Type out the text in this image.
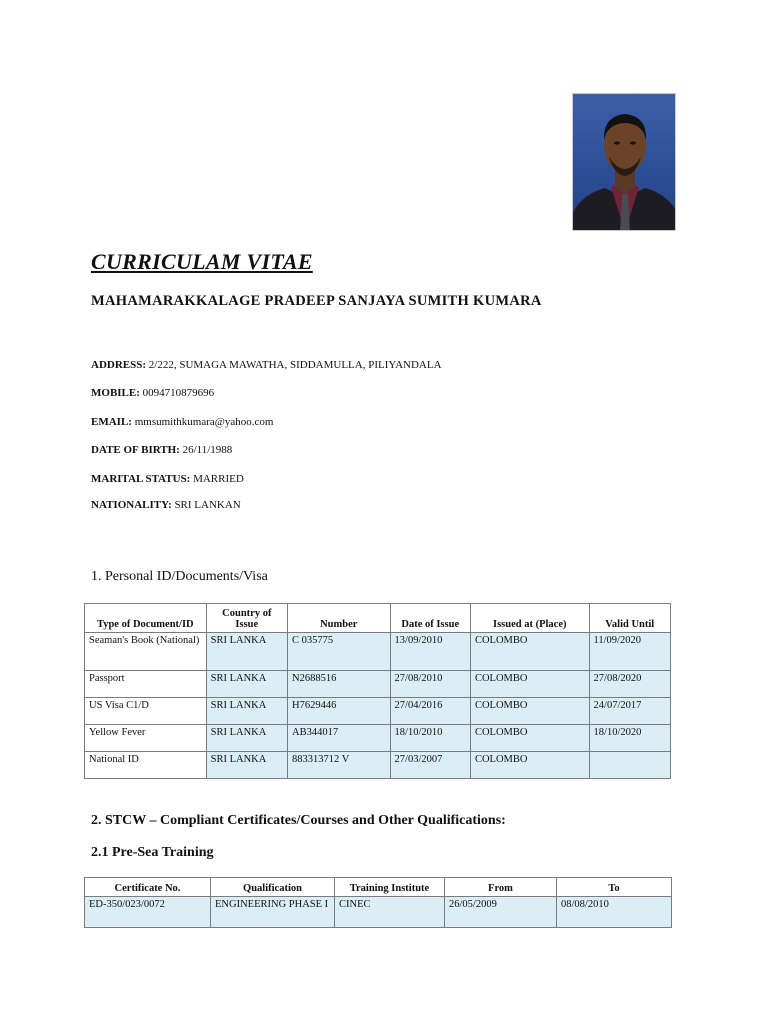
CURRICULAM VITAE
MAHAMARAKKALAGE PRADEEP SANJAYA SUMITH KUMARA
ADDRESS: 2/222, SUMAGA MAWATHA, SIDDAMULLA, PILIYANDALA
MOBILE: 0094710879696
EMAIL: mmsumithkumara@yahoo.com
DATE OF BIRTH: 26/11/1988
MARITAL STATUS: MARRIED
NATIONALITY: SRI LANKAN
1. Personal ID/Documents/Visa
Type of Document/ID	Country of Issue	Number	Date of Issue	Issued at (Place)	Valid Until
Seaman's Book (National)	SRI LANKA	C 035775	13/09/2010	COLOMBO	11/09/2020
Passport	SRI LANKA	N2688516	27/08/2010	COLOMBO	27/08/2020
US Visa C1/D	SRI LANKA	H7629446	27/04/2016	COLOMBO	24/07/2017
Yellow Fever	SRI LANKA	AB344017	18/10/2010	COLOMBO	18/10/2020
National ID	SRI LANKA	883313712 V	27/03/2007	COLOMBO	
2. STCW – Compliant Certificates/Courses and Other Qualifications:
2.1 Pre-Sea Training
Certificate No.	Qualification	Training Institute	From	To
ED-350/023/0072	ENGINEERING PHASE I	CINEC	26/05/2009	08/08/2010
